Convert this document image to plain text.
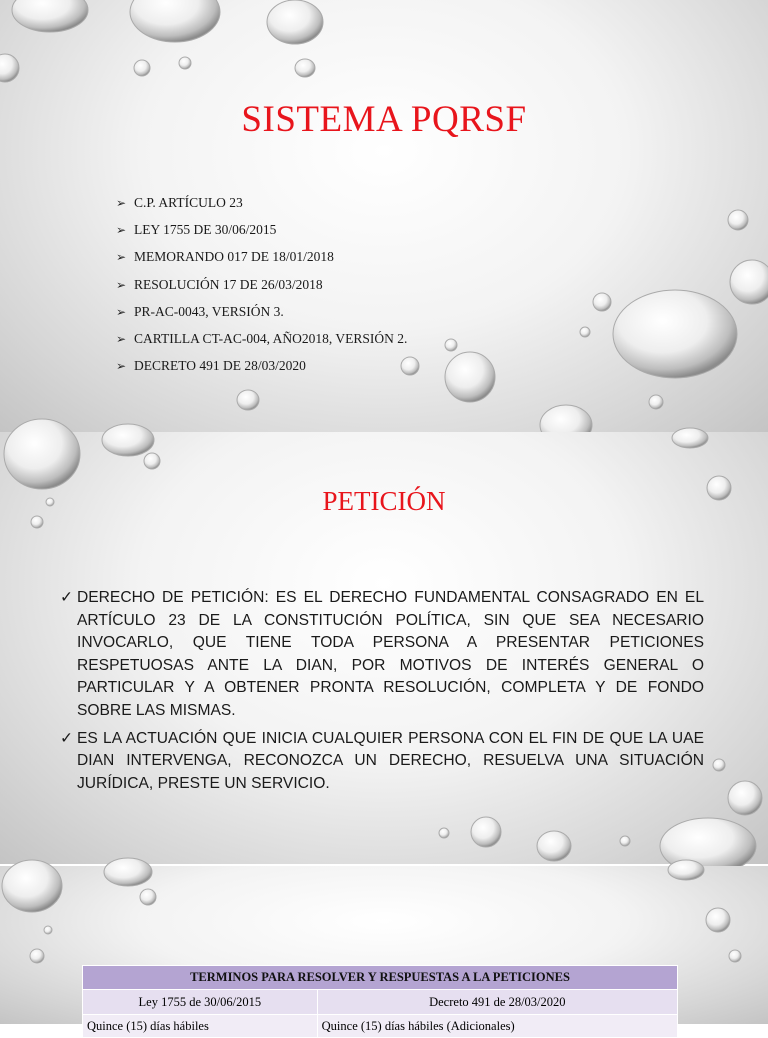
SISTEMA PQRSF
➢ C.P. ARTÍCULO 23
➢ LEY 1755 DE 30/06/2015
➢ MEMORANDO 017 DE 18/01/2018
➢ RESOLUCIÓN 17 DE 26/03/2018
➢ PR-AC-0043, VERSIÓN 3.
➢ CARTILLA CT-AC-004, AÑO2018, VERSIÓN 2.
➢ DECRETO 491 DE 28/03/2020
PETICIÓN
✓ DERECHO DE PETICIÓN: ES EL DERECHO FUNDAMENTAL CONSAGRADO EN EL ARTÍCULO 23 DE LA CONSTITUCIÓN POLÍTICA, SIN QUE SEA NECESARIO INVOCARLO, QUE TIENE TODA PERSONA A PRESENTAR PETICIONES RESPETUOSAS ANTE LA DIAN, POR MOTIVOS DE INTERÉS GENERAL O PARTICULAR Y A OBTENER PRONTA RESOLUCIÓN, COMPLETA Y DE FONDO SOBRE LAS MISMAS.
✓ ES LA ACTUACIÓN QUE INICIA CUALQUIER PERSONA CON EL FIN DE QUE LA UAE DIAN INTERVENGA, RECONOZCA UN DERECHO, RESUELVA UNA SITUACIÓN JURÍDICA, PRESTE UN SERVICIO.
TERMINOS PARA RESOLVER Y RESPUESTAS A LA PETICIONES	
Ley 1755 de 30/06/2015	Decreto 491 de 28/03/2020
Quince (15) días hábiles	Quince (15) días hábiles (Adicionales)
